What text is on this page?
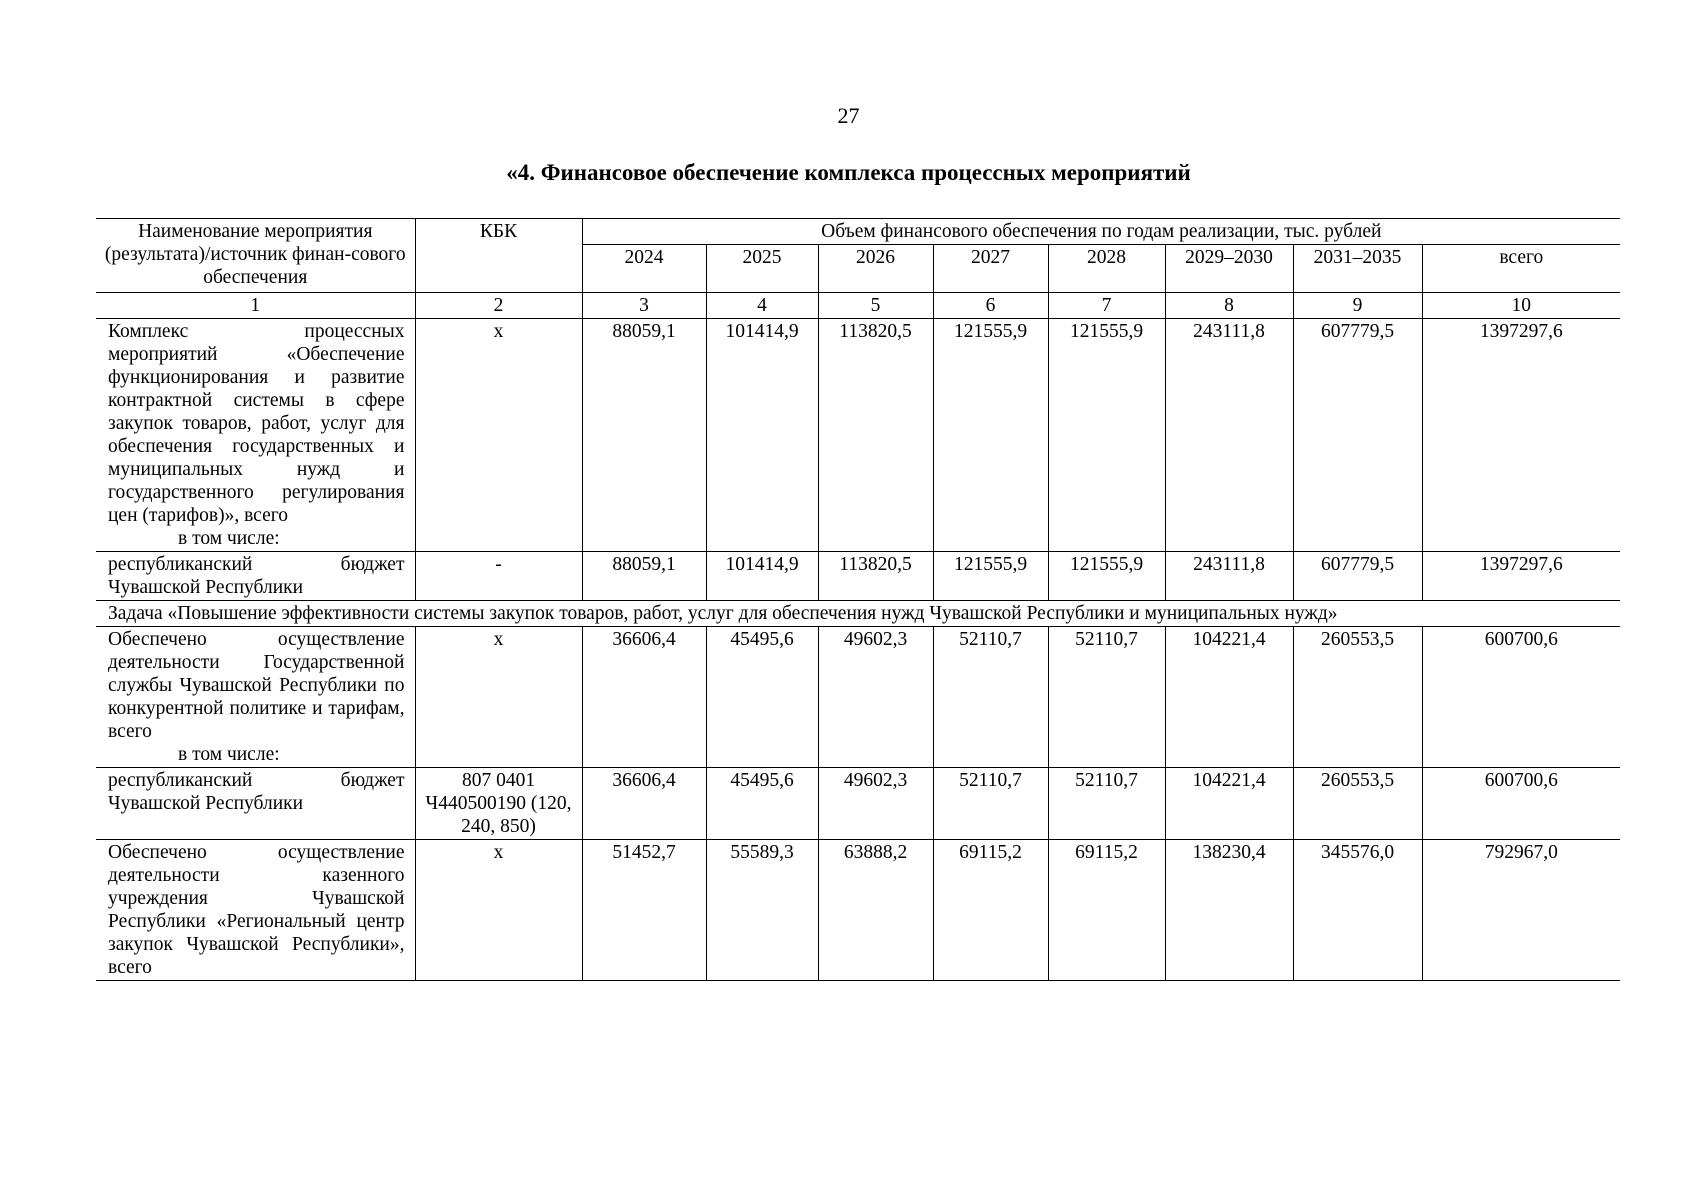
27
«4. Финансовое обеспечение комплекса процессных мероприятий
Наименование мероприятия (результата)/источник финан-сового обеспечения	КБК	Объем финансового обеспечения по годам реализации, тыс. рублей							
		2024	2025	2026	2027	2028	2029–2030	2031–2035	всего
1	2	3	4	5	6	7	8	9	10
Комплекс процессных мероприятий «Обеспечение функционирования и развитие контрактной системы в сфере закупок товаров, работ, услуг для обеспечения государственных и муниципальных нужд и государственного регулирования цен (тарифов)», всего
в том числе:	x	88059,1	101414,9	113820,5	121555,9	121555,9	243111,8	607779,5	1397297,6
республиканский бюджет Чувашской Республики	-	88059,1	101414,9	113820,5	121555,9	121555,9	243111,8	607779,5	1397297,6
Задача «Повышение эффективности системы закупок товаров, работ, услуг для обеспечения нужд Чувашской Республики и муниципальных нужд»									
Обеспечено осуществление деятельности Государственной службы Чувашской Республики по конкурентной политике и тарифам, всего
в том числе:	x	36606,4	45495,6	49602,3	52110,7	52110,7	104221,4	260553,5	600700,6
республиканский бюджет Чувашской Республики	807 0401 Ч440500190 (120, 240, 850)	36606,4	45495,6	49602,3	52110,7	52110,7	104221,4	260553,5	600700,6
Обеспечено осуществление деятельности казенного учреждения Чувашской Республики «Региональный центр закупок Чувашской Республики», всего	x	51452,7	55589,3	63888,2	69115,2	69115,2	138230,4	345576,0	792967,0
